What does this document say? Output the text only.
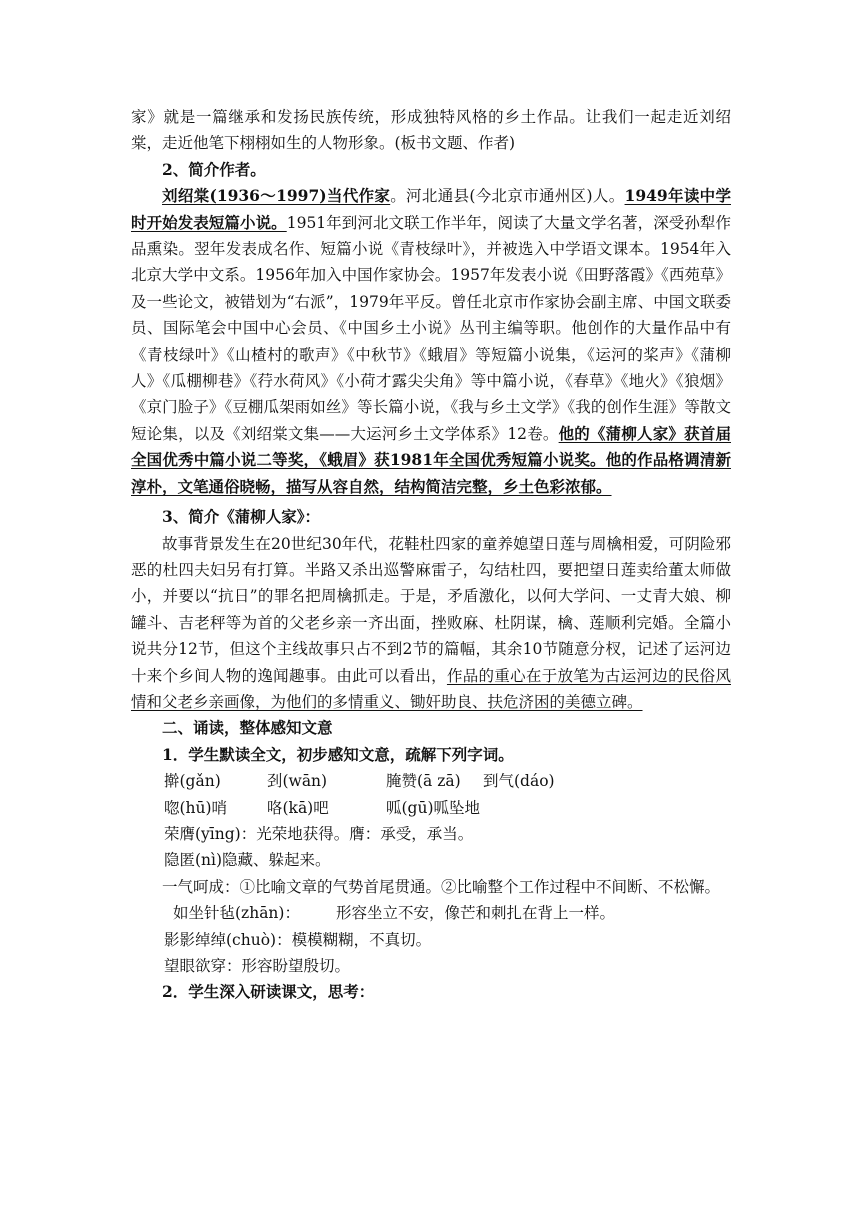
家》就是一篇继承和发扬民族传统，形成独特风格的乡土作品。让我们一起走近刘绍棠，走近他笔下栩栩如生的人物形象。(板书文题、作者)

2、简介作者。

刘绍棠(1936～1997)当代作家。河北通县(今北京市通州区)人。1949年读中学时开始发表短篇小说。1951年到河北文联工作半年，阅读了大量文学名著，深受孙犁作品熏染。翌年发表成名作、短篇小说《青枝绿叶》，并被选入中学语文课本。1954年入北京大学中文系。1956年加入中国作家协会。1957年发表小说《田野落霞》《西苑草》及一些论文，被错划为“右派”，1979年平反。曾任北京市作家协会副主席、中国文联委员、国际笔会中国中心会员、《中国乡土小说》丛刊主编等职。他创作的大量作品中有《青枝绿叶》《山楂村的歌声》《中秋节》《蛾眉》等短篇小说集，《运河的桨声》《蒲柳人》《瓜棚柳巷》《荇水荷风》《小荷才露尖尖角》等中篇小说，《春草》《地火》《狼烟》《京门脸子》《豆棚瓜架雨如丝》等长篇小说，《我与乡土文学》《我的创作生涯》等散文短论集，以及《刘绍棠文集——大运河乡土文学体系》12卷。他的《蒲柳人家》获首届全国优秀中篇小说二等奖，《蛾眉》获1981年全国优秀短篇小说奖。他的作品格调清新淳朴，文笔通俗晓畅，描写从容自然，结构简洁完整，乡土色彩浓郁。

3、简介《蒲柳人家》：

故事背景发生在20世纪30年代，花鞋杜四家的童养媳望日莲与周檎相爱，可阴险邪恶的杜四夫妇另有打算。半路又杀出巡警麻雷子，勾结杜四，要把望日莲卖给董太师做小，并要以“抗日”的罪名把周檎抓走。于是，矛盾激化，以何大学问、一丈青大娘、柳罐斗、吉老秤等为首的父老乡亲一齐出面，挫败麻、杜阴谋，檎、莲顺利完婚。全篇小说共分12节，但这个主线故事只占不到2节的篇幅，其余10节随意分杈，记述了运河边十来个乡间人物的逸闻趣事。由此可以看出，作品的重心在于放笔为古运河边的民俗风情和父老乡亲画像，为他们的多情重义、锄奸助良、扶危济困的美德立碑。

二、诵读，整体感知文意

1．学生默读全文，初步感知文意，疏解下列字词。

擀(gǎn)	刭(wān)	腌赞(ā zā)	到气(dáo)
唿(hū)哨	咯(kā)吧	呱(gū)呱坠地

荣膺(yīng)：光荣地获得。膺：承受，承当。

隐匿(nì)隐藏、躲起来。

一气呵成：①比喻文章的气势首尾贯通。②比喻整个工作过程中不间断、不松懈。

如坐针毡(zhān)： 形容坐立不安，像芒和刺扎在背上一样。

影影绰绰(chuò)：模模糊糊，不真切。

望眼欲穿：形容盼望殷切。

2．学生深入研读课文，思考：
